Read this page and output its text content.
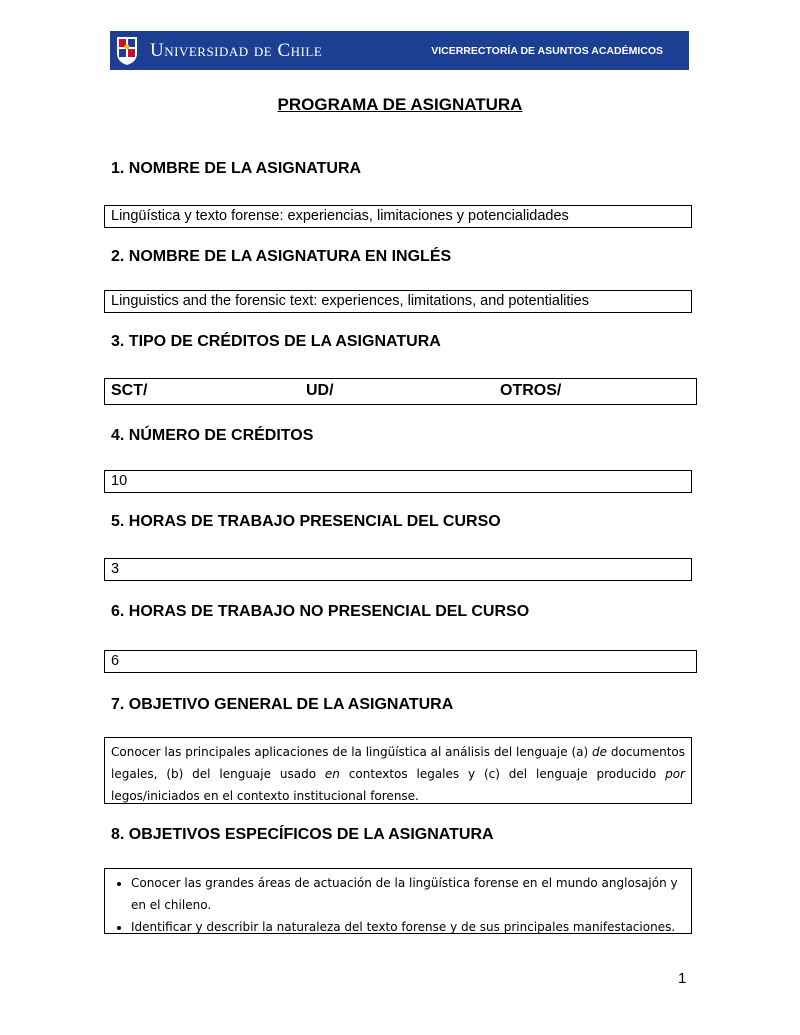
Universidad de Chile	VICERRECTORÍA DE ASUNTOS ACADÉMICOS
PROGRAMA DE ASIGNATURA
1. NOMBRE DE LA ASIGNATURA
Lingüística y texto forense: experiencias, limitaciones y potencialidades
2. NOMBRE DE LA ASIGNATURA EN INGLÉS
Linguistics and the forensic text: experiences, limitations, and potentialities
3. TIPO DE CRÉDITOS DE LA ASIGNATURA
SCT/	UD/	OTROS/
4. NÚMERO DE CRÉDITOS
10
5. HORAS DE TRABAJO PRESENCIAL DEL CURSO
3
6. HORAS DE TRABAJO NO PRESENCIAL DEL CURSO
6
7. OBJETIVO GENERAL DE LA ASIGNATURA
Conocer las principales aplicaciones de la lingüística al análisis del lenguaje (a) de documentos legales, (b) del lenguaje usado en contextos legales y (c) del lenguaje producido por legos/iniciados en el contexto institucional forense.
8. OBJETIVOS ESPECÍFICOS DE LA ASIGNATURA
• Conocer las grandes áreas de actuación de la lingüística forense en el mundo anglosajón y en el chileno.
• Identificar y describir la naturaleza del texto forense y de sus principales manifestaciones.
1
